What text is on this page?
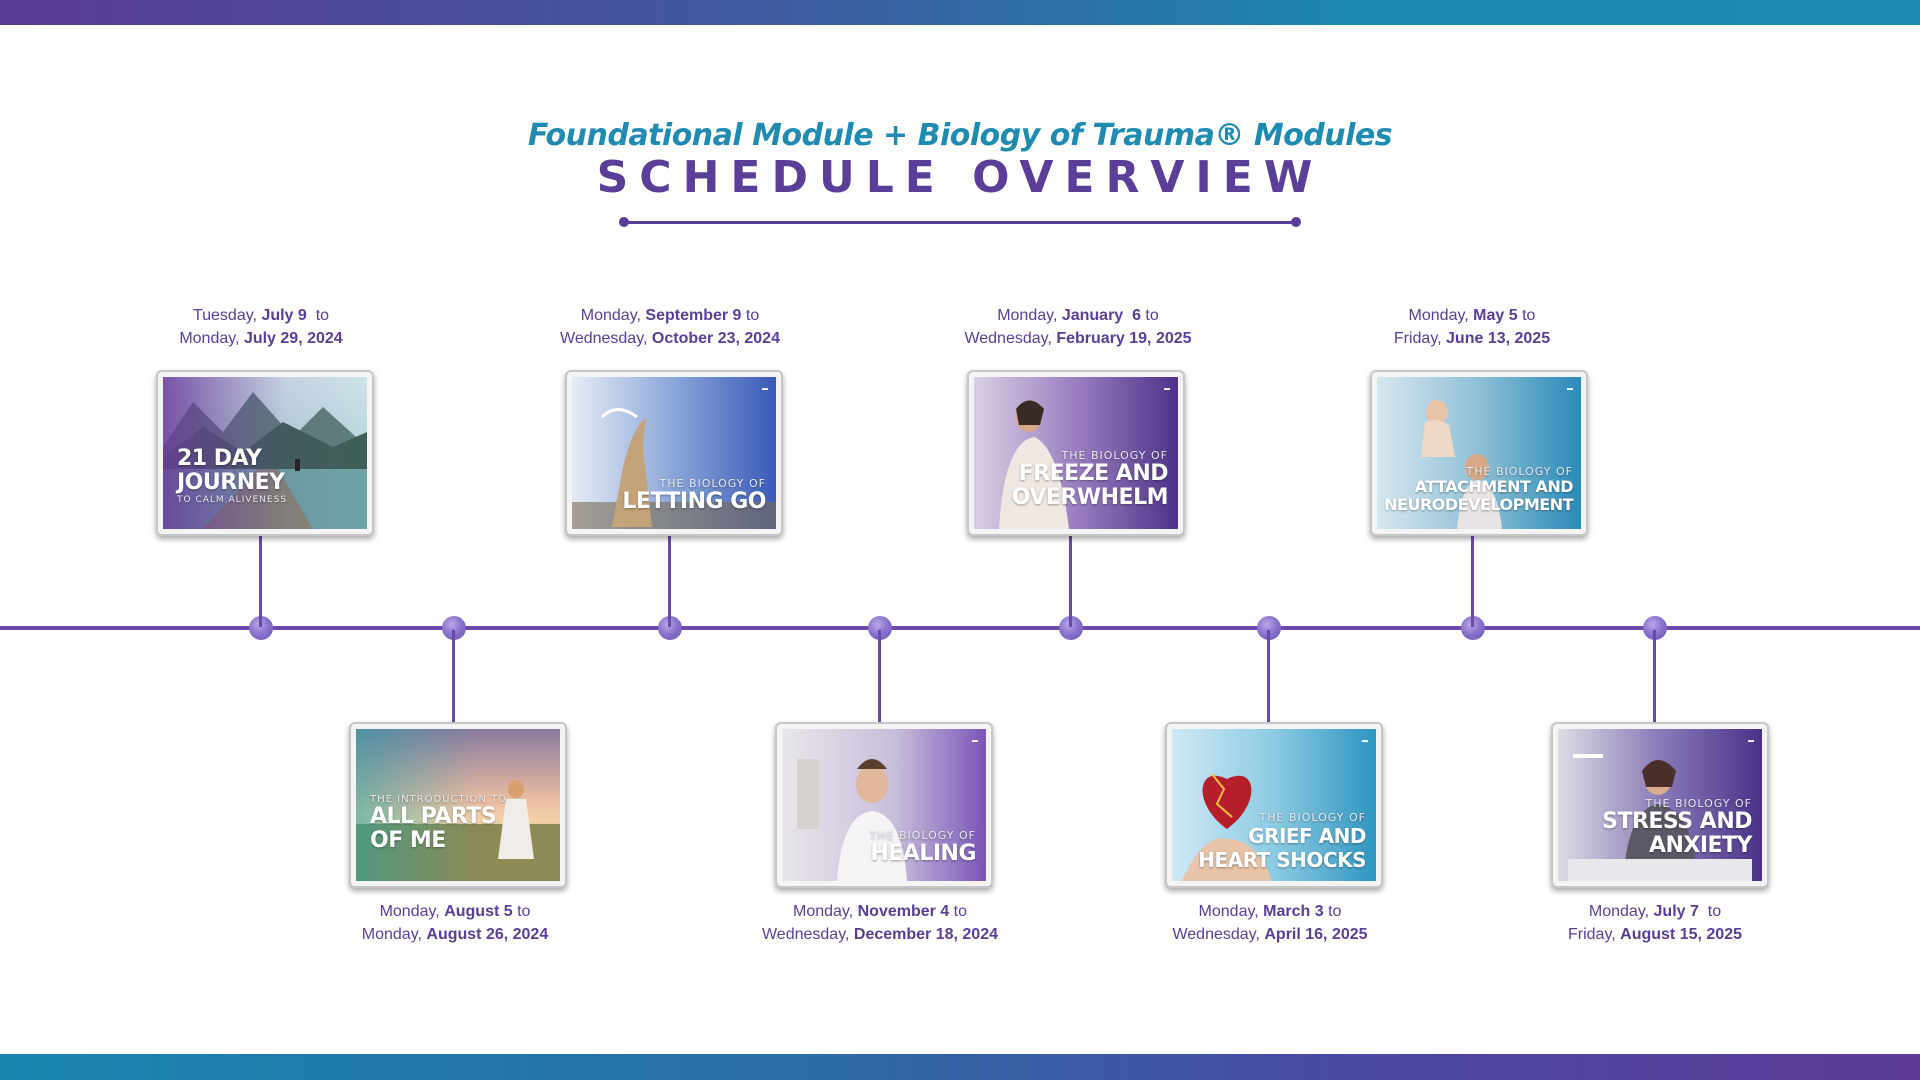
Foundational Module + Biology of Trauma® Modules
SCHEDULE OVERVIEW
Tuesday, July 9  to
Monday, July 29, 2024
21 DAY
JOURNEY
TO CALM ALIVENESS
THE INTRODUCTION TO
ALL PARTS
OF ME
Monday, August 5 to
Monday, August 26, 2024
Monday, September 9 to
Wednesday, October 23, 2024
▬
THE BIOLOGY OF
LETTING GO
▬
THE BIOLOGY OF
HEALING
Monday, November 4 to
Wednesday, December 18, 2024
Monday, January  6 to
Wednesday, February 19, 2025
▬
THE BIOLOGY OF
FREEZE AND
OVERWHELM
▬
THE BIOLOGY OF
GRIEF AND
HEART SHOCKS
Monday, March 3 to
Wednesday, April 16, 2025
Monday, May 5 to
Friday, June 13, 2025
▬
THE BIOLOGY OF
ATTACHMENT AND
NEURODEVELOPMENT
▬
THE BIOLOGY OF
STRESS AND
ANXIETY
Monday, July 7  to
Friday, August 15, 2025
